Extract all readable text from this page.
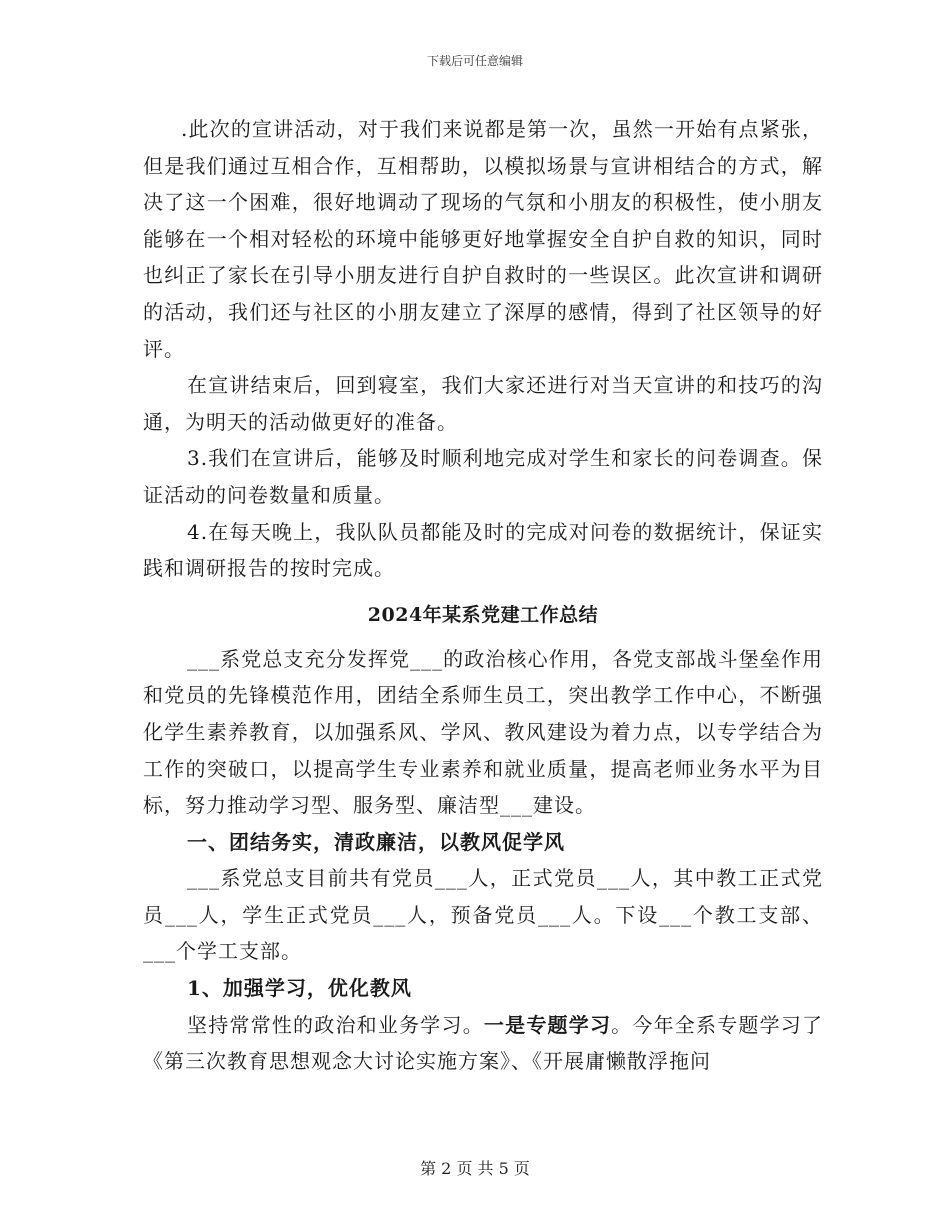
下载后可任意编辑

.此次的宣讲活动，对于我们来说都是第一次，虽然一开始有点紧张，但是我们通过互相合作，互相帮助，以模拟场景与宣讲相结合的方式，解决了这一个困难，很好地调动了现场的气氛和小朋友的积极性，使小朋友能够在一个相对轻松的环境中能够更好地掌握安全自护自救的知识，同时也纠正了家长在引导小朋友进行自护自救时的一些误区。此次宣讲和调研的活动，我们还与社区的小朋友建立了深厚的感情，得到了社区领导的好评。

在宣讲结束后，回到寝室，我们大家还进行对当天宣讲的和技巧的沟通，为明天的活动做更好的准备。

3.我们在宣讲后，能够及时顺利地完成对学生和家长的问卷调查。保证活动的问卷数量和质量。

4.在每天晚上，我队队员都能及时的完成对问卷的数据统计，保证实践和调研报告的按时完成。

2024年某系党建工作总结

___系党总支充分发挥党___的政治核心作用，各党支部战斗堡垒作用和党员的先锋模范作用，团结全系师生员工，突出教学工作中心，不断强化学生素养教育，以加强系风、学风、教风建设为着力点，以专学结合为工作的突破口，以提高学生专业素养和就业质量，提高老师业务水平为目标，努力推动学习型、服务型、廉洁型___建设。

一、团结务实，清政廉洁，以教风促学风

___系党总支目前共有党员___人，正式党员___人，其中教工正式党员___人，学生正式党员___人，预备党员___人。下设___个教工支部、___个学工支部。

1、加强学习，优化教风

坚持常常性的政治和业务学习。一是专题学习。今年全系专题学习了《第三次教育思想观念大讨论实施方案》、《开展庸懒散浮拖问

第 2 页 共 5 页
